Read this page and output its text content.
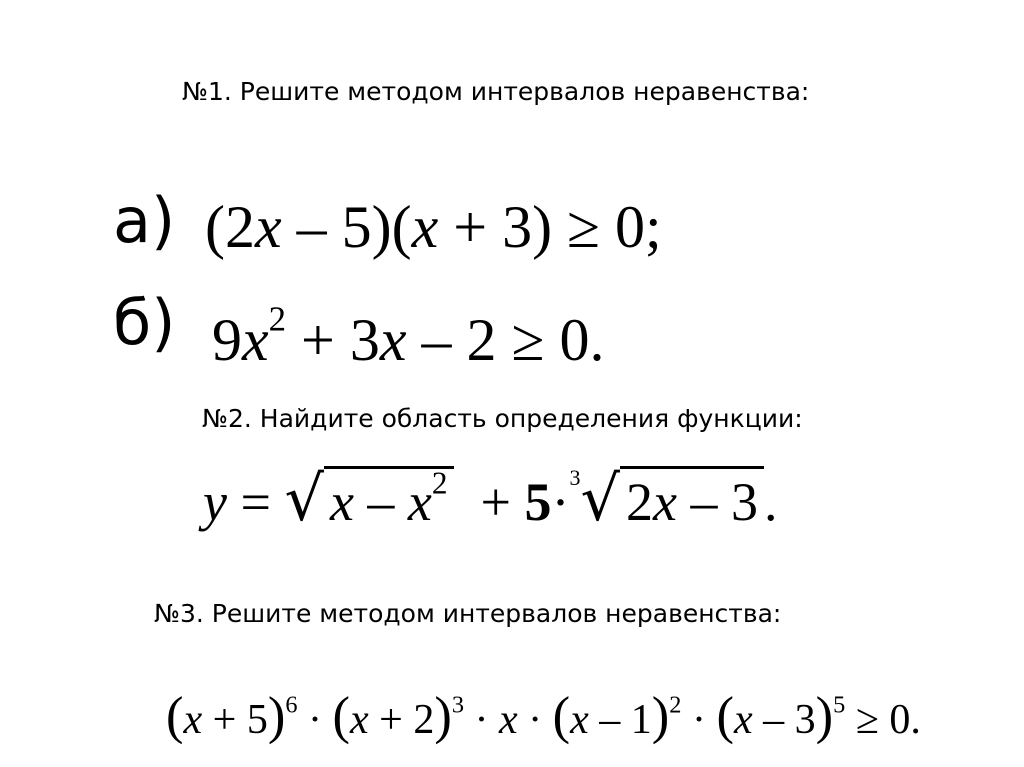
№1. Решите методом интервалов неравенства:
а) (2x – 5)(x + 3) ≥ 0;
б) $9x^2 + 3x - 2 \ge 0$.
№2. Найдите область определения функции:
y = √ $x - x^2 + 5\cdot^3√$ 2x – 3 .
№3. Решите методом интервалов неравенства:
$(x + 5)^6 \cdot (x + 2)^3 \cdot x \cdot (x - 1)^2 \cdot (x - 3)^5 \ge 0$.
